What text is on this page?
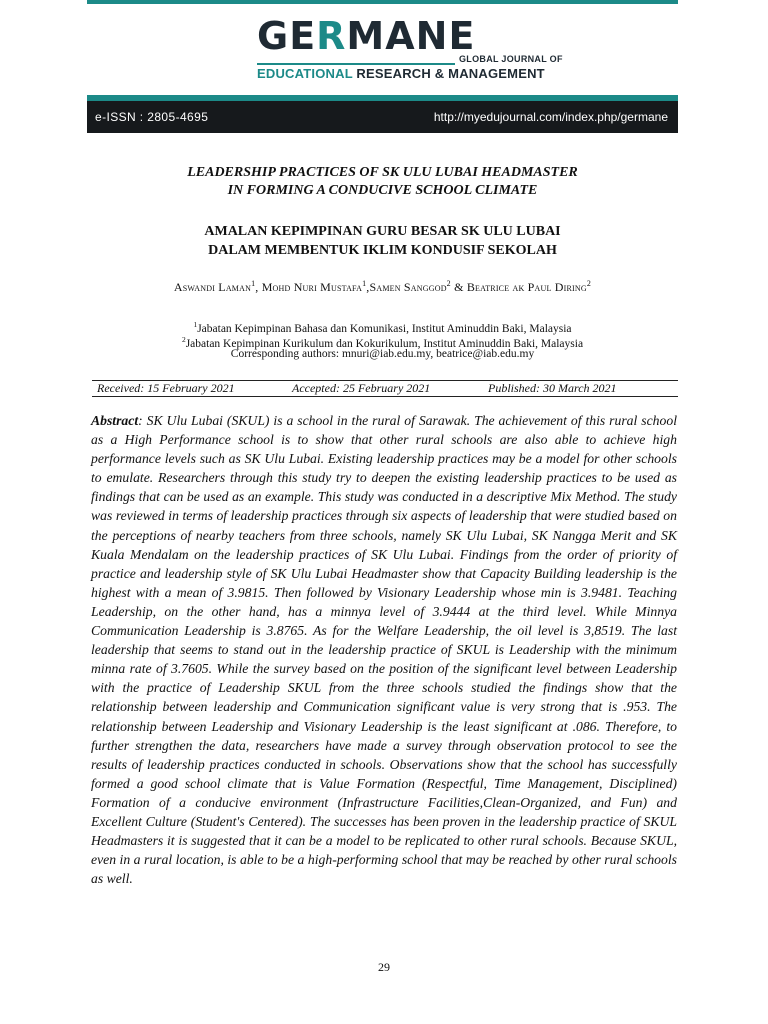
GERMANE
GLOBAL JOURNAL OF
EDUCATIONAL RESEARCH & MANAGEMENT
e-ISSN : 2805-4695	http://myedujournal.com/index.php/germane
LEADERSHIP PRACTICES OF SK ULU LUBAI HEADMASTER
IN FORMING A CONDUCIVE SCHOOL CLIMATE
AMALAN KEPIMPINAN GURU BESAR SK ULU LUBAI
DALAM MEMBENTUK IKLIM KONDUSIF SEKOLAH
Aswandi Laman$^1$, Mohd Nuri Mustafa$^1$,Samen Sanggod$^2$ & Beatrice ak Paul Diring$^2$
$^1$Jabatan Kepimpinan Bahasa dan Komunikasi, Institut Aminuddin Baki, Malaysia
$^2$Jabatan Kepimpinan Kurikulum dan Kokurikulum, Institut Aminuddin Baki, Malaysia
Corresponding authors: mnuri@iab.edu.my, beatrice@iab.edu.my
Received: 15 February 2021	Accepted: 25 February 2021	Published: 30 March 2021

Abstract: SK Ulu Lubai (SKUL) is a school in the rural of Sarawak. The achievement of this rural school as a High Performance school is to show that other rural schools are also able to achieve high performance levels such as SK Ulu Lubai. Existing leadership practices may be a model for other schools to emulate. Researchers through this study try to deepen the existing leadership practices to be used as findings that can be used as an example. This study was conducted in a descriptive Mix Method. The study was reviewed in terms of leadership practices through six aspects of leadership that were studied based on the perceptions of nearby teachers from three schools, namely SK Ulu Lubai, SK Nangga Merit and SK Kuala Mendalam on the leadership practices of SK Ulu Lubai. Findings from the order of priority of practice and leadership style of SK Ulu Lubai Headmaster show that Capacity Building leadership is the highest with a mean of 3.9815. Then followed by Visionary Leadership whose min is 3.9481. Teaching Leadership, on the other hand, has a minnya level of 3.9444 at the third level. While Minnya Communication Leadership is 3.8765. As for the Welfare Leadership, the oil level is 3,8519. The last leadership that seems to stand out in the leadership practice of SKUL is Leadership with the minimum minna rate of 3.7605. While the survey based on the position of the significant level between Leadership with the practice of Leadership SKUL from the three schools studied the findings show that the relationship between leadership and Communication significant value is very strong that is .953. The relationship between Leadership and Visionary Leadership is the least significant at .086. Therefore, to further strengthen the data, researchers have made a survey through observation protocol to see the results of leadership practices conducted in schools. Observations show that the school has successfully formed a good school climate that is Value Formation (Respectful, Time Management, Disciplined) Formation of a conducive environment (Infrastructure Facilities,Clean-Organized, and Fun) and Excellent Culture (Student's Centered). The successes has been proven in the leadership practice of SKUL Headmasters it is suggested that it can be a model to be replicated to other rural schools. Because SKUL, even in a rural location, is able to be a high-performing school that may be reached by other rural schools as well.

29
